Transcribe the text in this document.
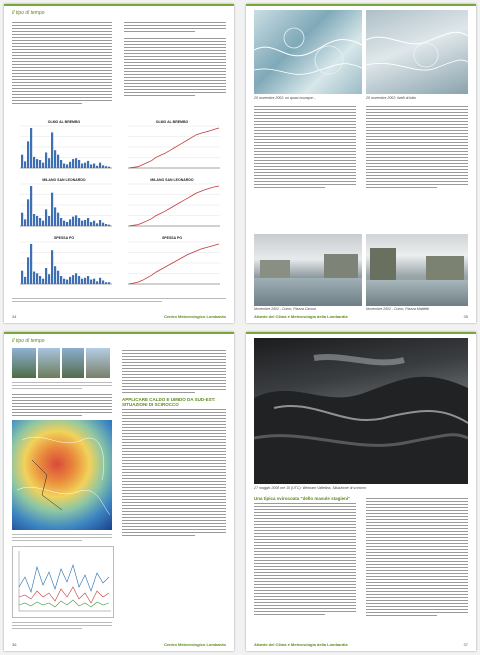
Il tipo di tempo
OLMO AL BREMBO	OLMO AL BREMBO
MILANO SAN LEONARDO	MILANO SAN LEONARDO
SPESSA PO	SPESSA PO
34	Centro Meteorologico Lombardo
20 novembre 2002: un quasi ovunque…	20 novembre 2002: livelli di tutto
Novembre 2002 - Como, Piazza Cavour	Novembre 2002 - Como, Piazza Mattietti
Atlante del Clima e Meteorologia della Lombardia	35
Il tipo di tempo
APPLICARE CALDO E UMIDO DA SUD-EST: SITUAZIONI DI SCIROCCO
36	Centro Meteorologico Lombardo
27 maggio 2008 ore 15 (UTC): Webcam Valtelina, Situazione di scirocco
Una tipica svirocoata "dello masule stagieni"
Atlante del Clima e Meteorologia della Lombardia	37
